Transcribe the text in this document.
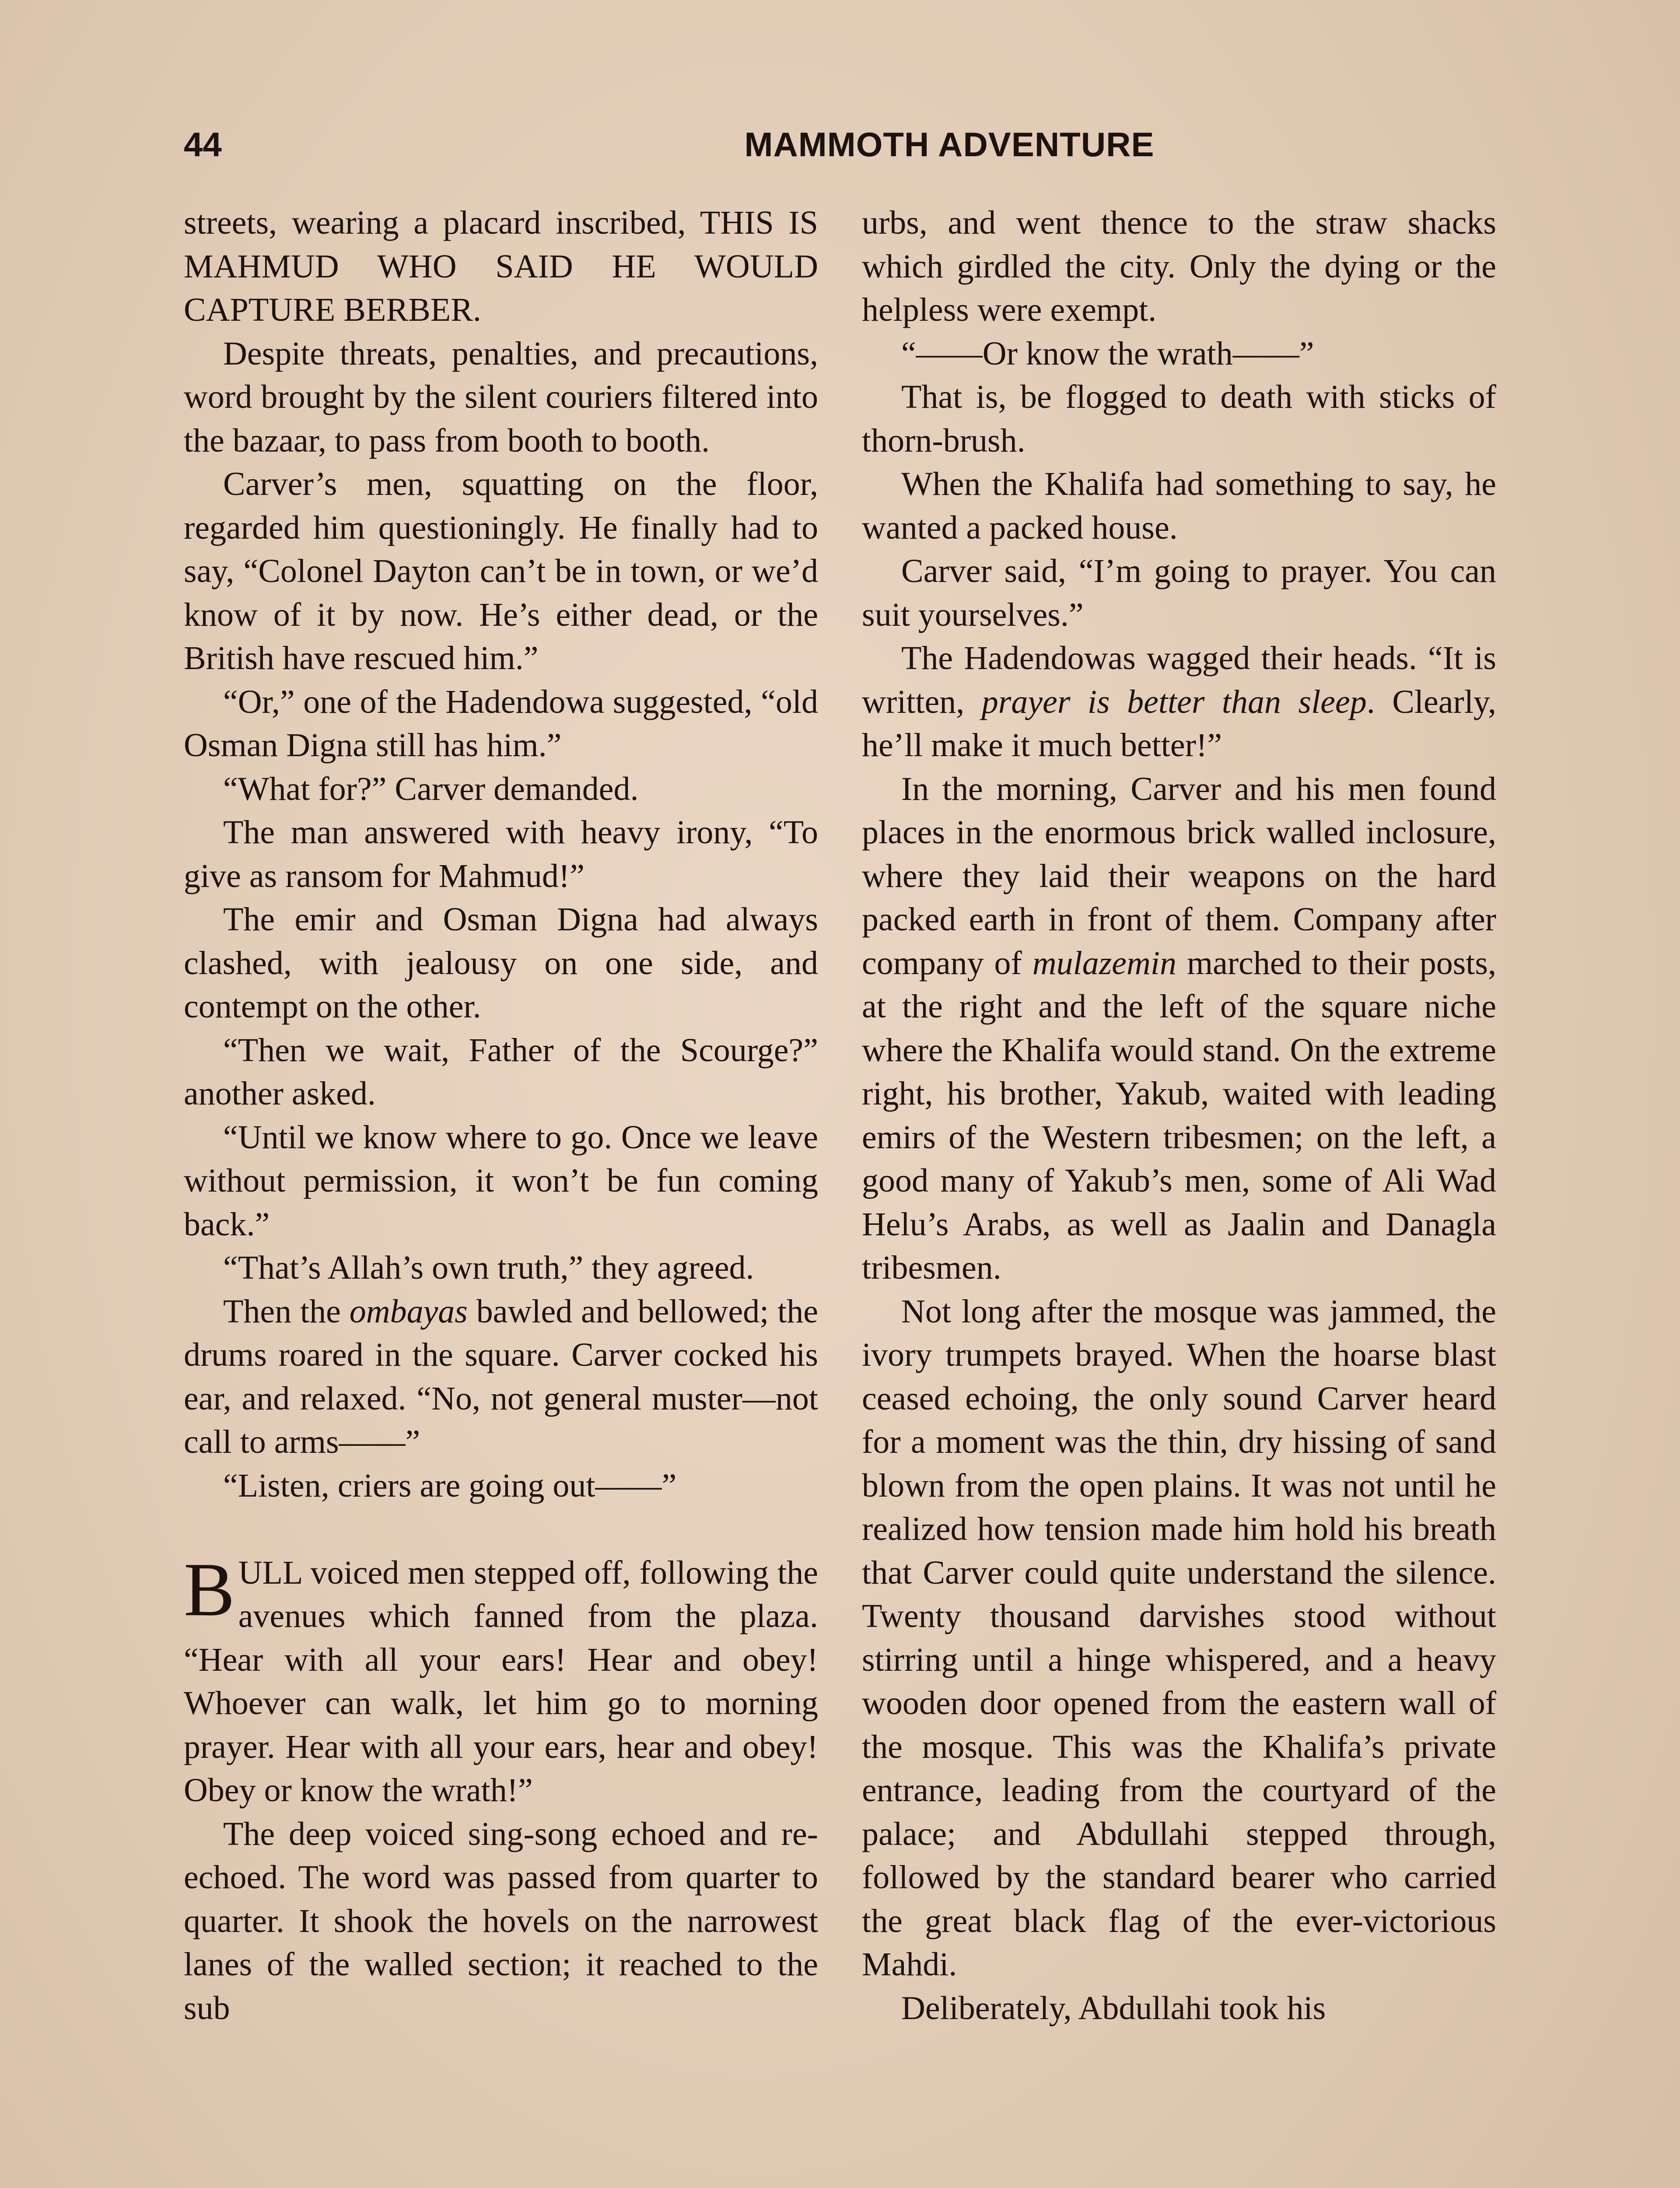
44	MAMMOTH ADVENTURE

streets, wearing a placard inscribed, THIS IS MAHMUD WHO SAID HE WOULD CAPTURE BERBER.

Despite threats, penalties, and precautions, word brought by the silent couriers filtered into the bazaar, to pass from booth to booth.

Carver’s men, squatting on the floor, regarded him questioningly. He finally had to say, “Colonel Dayton can’t be in town, or we’d know of it by now. He’s either dead, or the British have rescued him.”

“Or,” one of the Hadendowa suggested, “old Osman Digna still has him.”

“What for?” Carver demanded.

The man answered with heavy irony, “To give as ransom for Mahmud!”

The emir and Osman Digna had always clashed, with jealousy on one side, and contempt on the other.

“Then we wait, Father of the Scourge?” another asked.

“Until we know where to go. Once we leave without permission, it won’t be fun coming back.”

“That’s Allah’s own truth,” they agreed.

Then the ombayas bawled and bellowed; the drums roared in the square. Carver cocked his ear, and relaxed. “No, not general muster—not call to arms——”

“Listen, criers are going out——”

BULL voiced men stepped off, following the avenues which fanned from the plaza. “Hear with all your ears! Hear and obey! Whoever can walk, let him go to morning prayer. Hear with all your ears, hear and obey! Obey or know the wrath!”

The deep voiced sing-song echoed and re-echoed. The word was passed from quarter to quarter. It shook the hovels on the narrowest lanes of the walled section; it reached to the sub

urbs, and went thence to the straw shacks which girdled the city. Only the dying or the helpless were exempt.

“——Or know the wrath——”

That is, be flogged to death with sticks of thorn-brush.

When the Khalifa had something to say, he wanted a packed house.

Carver said, “I’m going to prayer. You can suit yourselves.”

The Hadendowas wagged their heads. “It is written, prayer is better than sleep. Clearly, he’ll make it much better!”

In the morning, Carver and his men found places in the enormous brick walled inclosure, where they laid their weapons on the hard packed earth in front of them. Company after company of mulazemin marched to their posts, at the right and the left of the square niche where the Khalifa would stand. On the extreme right, his brother, Yakub, waited with leading emirs of the Western tribesmen; on the left, a good many of Yakub’s men, some of Ali Wad Helu’s Arabs, as well as Jaalin and Danagla tribesmen.

Not long after the mosque was jammed, the ivory trumpets brayed. When the hoarse blast ceased echoing, the only sound Carver heard for a moment was the thin, dry hissing of sand blown from the open plains. It was not until he realized how tension made him hold his breath that Carver could quite understand the silence. Twenty thousand darvishes stood without stirring until a hinge whispered, and a heavy wooden door opened from the eastern wall of the mosque. This was the Khalifa’s private entrance, leading from the courtyard of the palace; and Abdullahi stepped through, followed by the standard bearer who carried the great black flag of the ever-victorious Mahdi.

Deliberately, Abdullahi took his
